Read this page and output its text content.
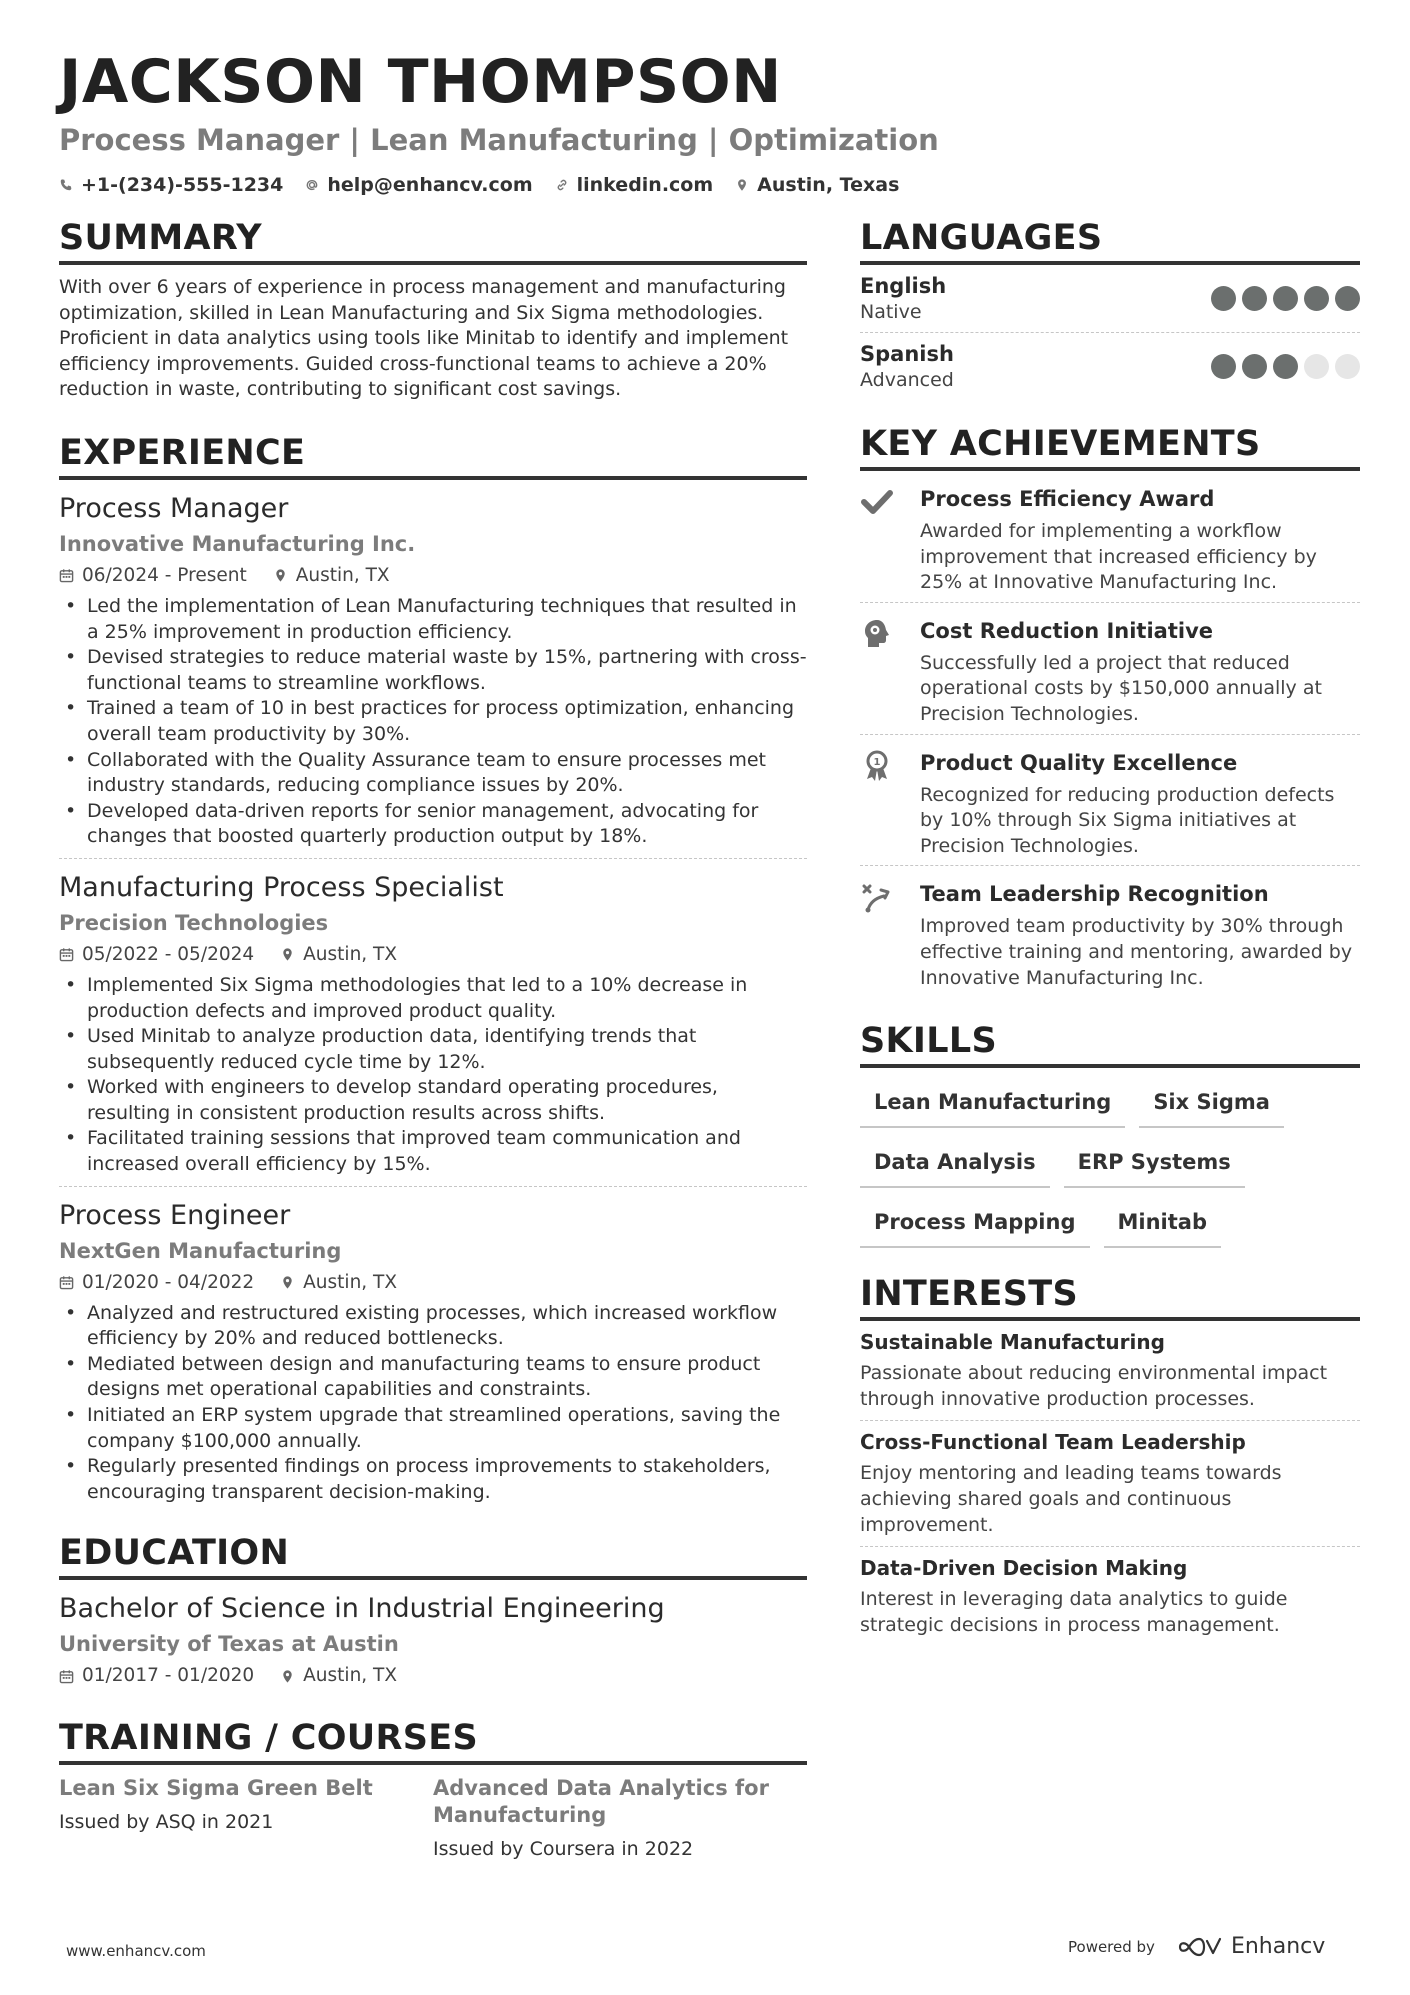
JACKSON THOMPSON
Process Manager | Lean Manufacturing | Optimization
+1-(234)-555-1234 help@enhancv.com linkedin.com Austin, Texas
SUMMARY
With over 6 years of experience in process management and manufacturing optimization, skilled in Lean Manufacturing and Six Sigma methodologies. Proficient in data analytics using tools like Minitab to identify and implement efficiency improvements. Guided cross-functional teams to achieve a 20% reduction in waste, contributing to significant cost savings.
EXPERIENCE
Process Manager
Innovative Manufacturing Inc.
06/2024 - Present	Austin, TX
• Led the implementation of Lean Manufacturing techniques that resulted in a 25% improvement in production efficiency.
• Devised strategies to reduce material waste by 15%, partnering with cross-functional teams to streamline workflows.
• Trained a team of 10 in best practices for process optimization, enhancing overall team productivity by 30%.
• Collaborated with the Quality Assurance team to ensure processes met industry standards, reducing compliance issues by 20%.
• Developed data-driven reports for senior management, advocating for changes that boosted quarterly production output by 18%.
Manufacturing Process Specialist
Precision Technologies
05/2022 - 05/2024	Austin, TX
• Implemented Six Sigma methodologies that led to a 10% decrease in production defects and improved product quality.
• Used Minitab to analyze production data, identifying trends that subsequently reduced cycle time by 12%.
• Worked with engineers to develop standard operating procedures, resulting in consistent production results across shifts.
• Facilitated training sessions that improved team communication and increased overall efficiency by 15%.
Process Engineer
NextGen Manufacturing
01/2020 - 04/2022	Austin, TX
• Analyzed and restructured existing processes, which increased workflow efficiency by 20% and reduced bottlenecks.
• Mediated between design and manufacturing teams to ensure product designs met operational capabilities and constraints.
• Initiated an ERP system upgrade that streamlined operations, saving the company $100,000 annually.
• Regularly presented findings on process improvements to stakeholders, encouraging transparent decision-making.
EDUCATION
Bachelor of Science in Industrial Engineering
University of Texas at Austin
01/2017 - 01/2020	Austin, TX
TRAINING / COURSES
Lean Six Sigma Green Belt
Issued by ASQ in 2021
Advanced Data Analytics for Manufacturing
Issued by Coursera in 2022
LANGUAGES
English
Native
Spanish
Advanced
KEY ACHIEVEMENTS
Process Efficiency Award
Awarded for implementing a workflow improvement that increased efficiency by 25% at Innovative Manufacturing Inc.
Cost Reduction Initiative
Successfully led a project that reduced operational costs by $150,000 annually at Precision Technologies.
1 Product Quality Excellence
Recognized for reducing production defects by 10% through Six Sigma initiatives at Precision Technologies.
Team Leadership Recognition
Improved team productivity by 30% through effective training and mentoring, awarded by Innovative Manufacturing Inc.
SKILLS
Lean Manufacturing	Six Sigma
Data Analysis	ERP Systems
Process Mapping	Minitab
INTERESTS
Sustainable Manufacturing
Passionate about reducing environmental impact through innovative production processes.
Cross-Functional Team Leadership
Enjoy mentoring and leading teams towards achieving shared goals and continuous improvement.
Data-Driven Decision Making
Interest in leveraging data analytics to guide strategic decisions in process management.
www.enhancv.com	Powered by	Enhancv
